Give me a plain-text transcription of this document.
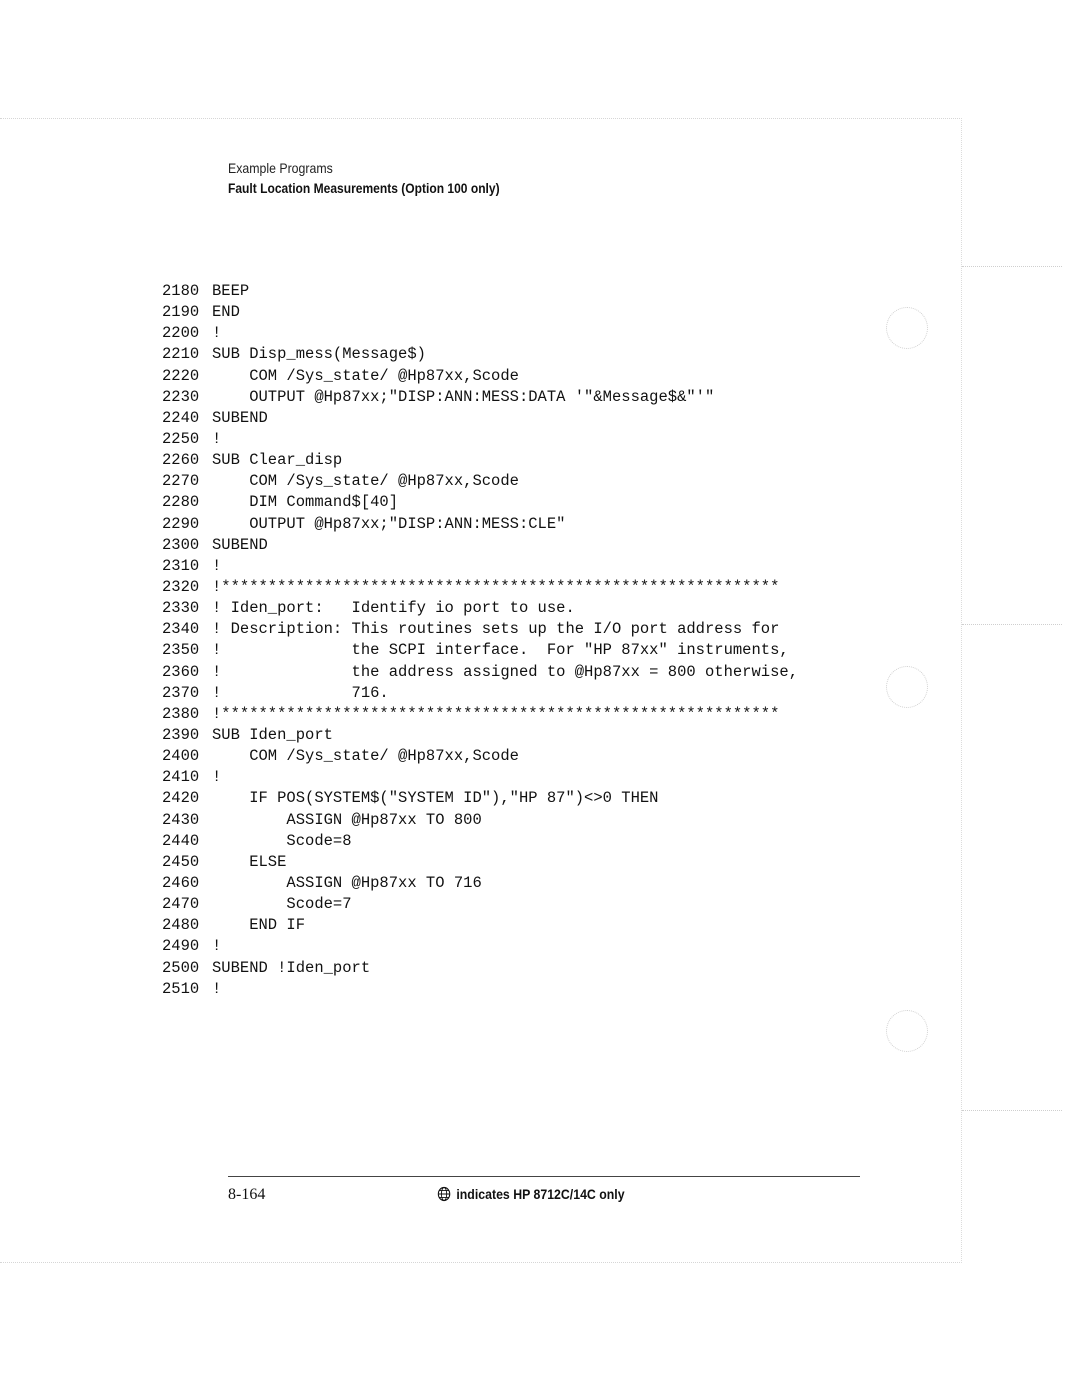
Example Programs
Fault Location Measurements (Option 100 only)
2180 BEEP
2190 END
2200 !
2210 SUB Disp_mess(Message$)
2220    COM /Sys_state/ @Hp87xx,Scode
2230    OUTPUT @Hp87xx;"DISP:ANN:MESS:DATA '"&Message$&"'"
2240 SUBEND
2250 !
2260 SUB Clear_disp
2270    COM /Sys_state/ @Hp87xx,Scode
2280    DIM Command$[40]
2290    OUTPUT @Hp87xx;"DISP:ANN:MESS:CLE"
2300 SUBEND
2310 !
2320 !************************************************************
2330 ! Iden_port:   Identify io port to use.
2340 ! Description: This routines sets up the I/O port address for
2350 !              the SCPI interface.  For "HP 87xx" instruments,
2360 !              the address assigned to @Hp87xx = 800 otherwise,
2370 !              716.
2380 !************************************************************
2390 SUB Iden_port
2400    COM /Sys_state/ @Hp87xx,Scode
2410 !
2420    IF POS(SYSTEM$("SYSTEM ID"),"HP 87")<>0 THEN
2430        ASSIGN @Hp87xx TO 800
2440        Scode=8
2450    ELSE
2460        ASSIGN @Hp87xx TO 716
2470        Scode=7
2480    END IF
2490 !
2500 SUBEND !Iden_port
2510 !
8-164	indicates HP 8712C/14C only
